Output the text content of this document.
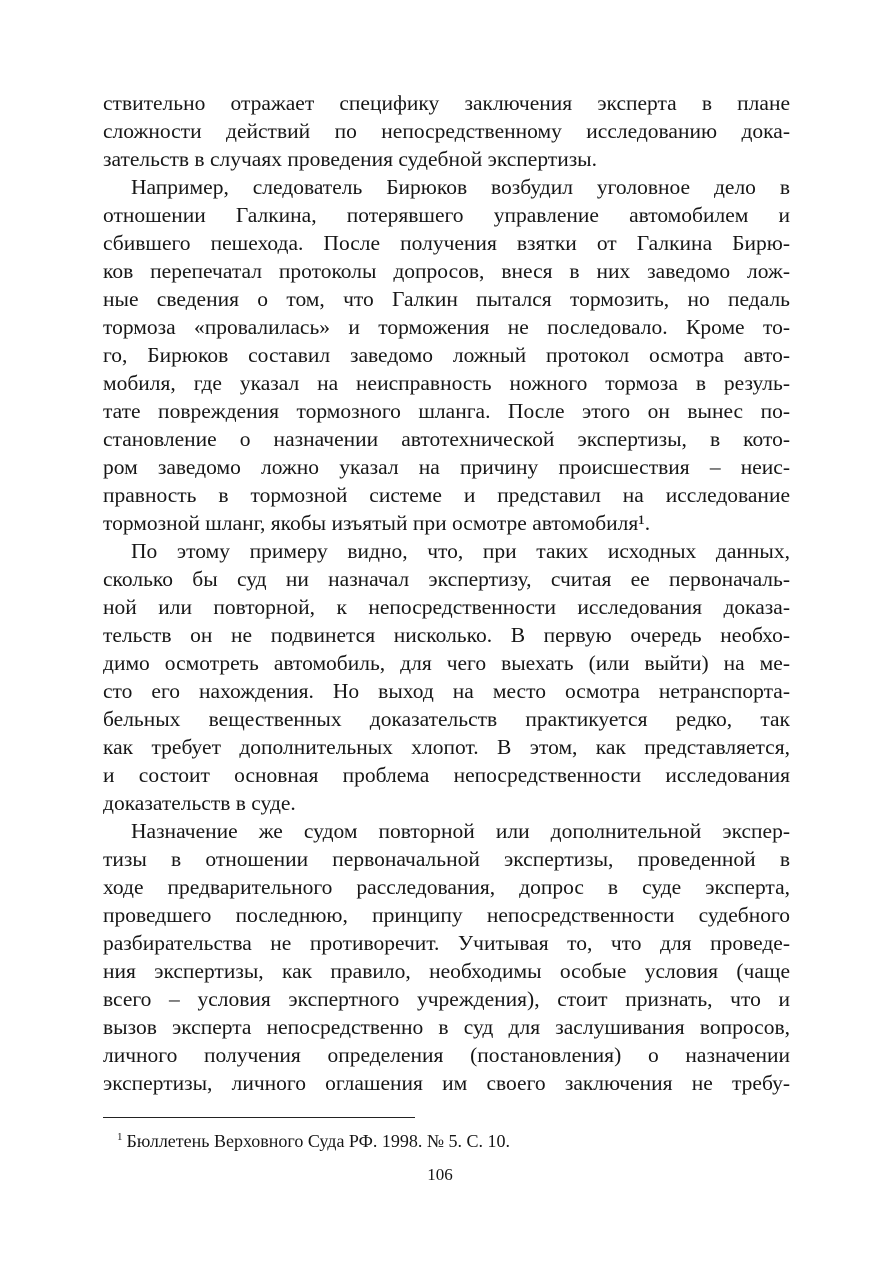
ствительно отражает специфику заключения эксперта в плане
сложности действий по непосредственному исследованию дока-
зательств в случаях проведения судебной экспертизы.
Например, следователь Бирюков возбудил уголовное дело в
отношении Галкина, потерявшего управление автомобилем и
сбившего пешехода. После получения взятки от Галкина Бирю-
ков перепечатал протоколы допросов, внеся в них заведомо лож-
ные сведения о том, что Галкин пытался тормозить, но педаль
тормоза «провалилась» и торможения не последовало. Кроме то-
го, Бирюков составил заведомо ложный протокол осмотра авто-
мобиля, где указал на неисправность ножного тормоза в резуль-
тате повреждения тормозного шланга. После этого он вынес по-
становление о назначении автотехнической экспертизы, в кото-
ром заведомо ложно указал на причину происшествия – неис-
правность в тормозной системе и представил на исследование
тормозной шланг, якобы изъятый при осмотре автомобиля¹.
По этому примеру видно, что, при таких исходных данных,
сколько бы суд ни назначал экспертизу, считая ее первоначаль-
ной или повторной, к непосредственности исследования доказа-
тельств он не подвинется нисколько. В первую очередь необхо-
димо осмотреть автомобиль, для чего выехать (или выйти) на ме-
сто его нахождения. Но выход на место осмотра нетранспорта-
бельных вещественных доказательств практикуется редко, так
как требует дополнительных хлопот. В этом, как представляется,
и состоит основная проблема непосредственности исследования
доказательств в суде.
Назначение же судом повторной или дополнительной экспер-
тизы в отношении первоначальной экспертизы, проведенной в
ходе предварительного расследования, допрос в суде эксперта,
проведшего последнюю, принципу непосредственности судебного
разбирательства не противоречит. Учитывая то, что для проведе-
ния экспертизы, как правило, необходимы особые условия (чаще
всего – условия экспертного учреждения), стоит признать, что и
вызов эксперта непосредственно в суд для заслушивания вопросов,
личного получения определения (постановления) о назначении
экспертизы, личного оглашения им своего заключения не требу-
$^1$ Бюллетень Верховного Суда РФ. 1998. № 5. С. 10.
106
